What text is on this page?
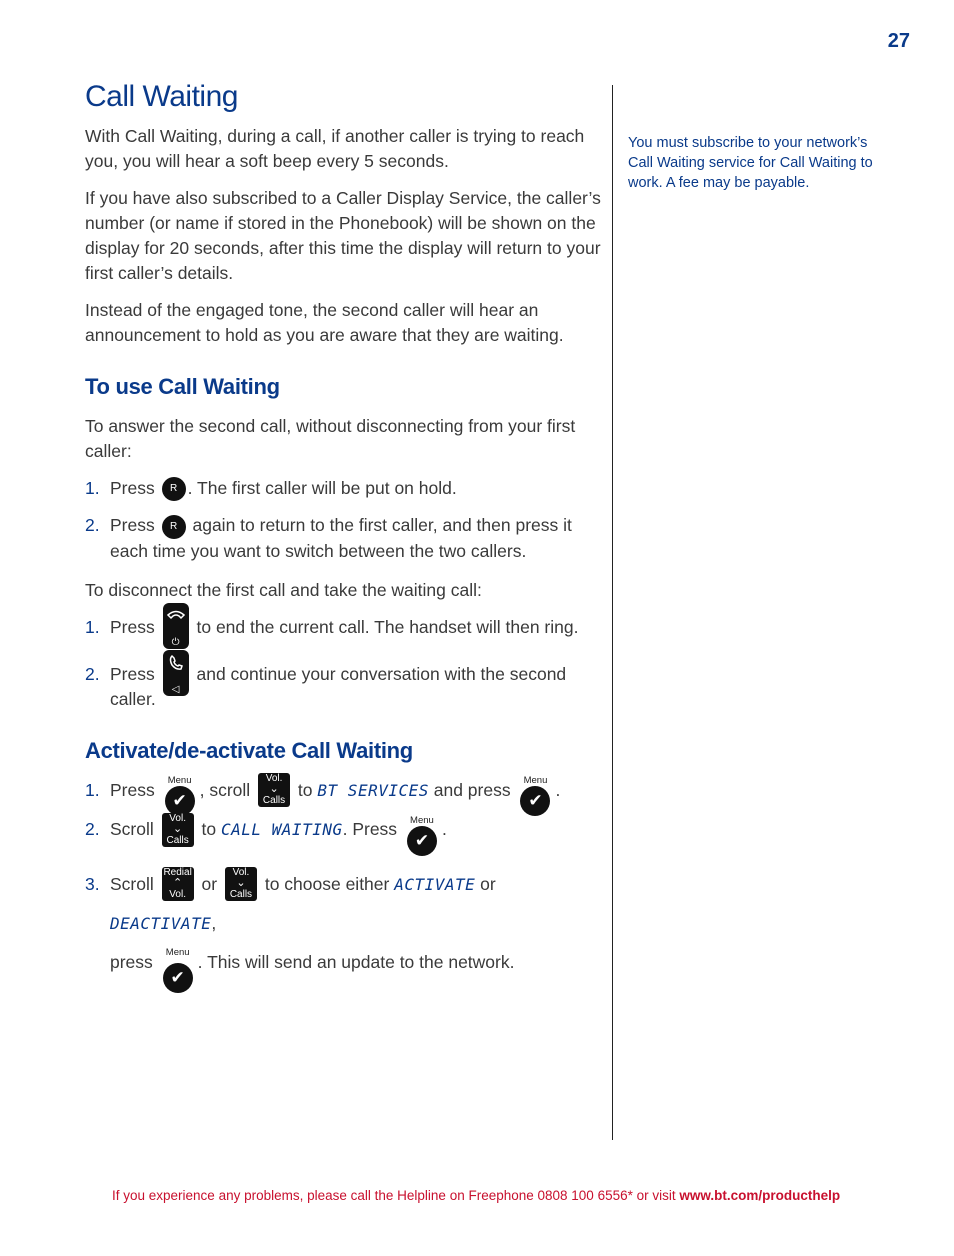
27
Call Waiting

With Call Waiting, during a call, if another caller is trying to reach you, you will hear a soft beep every 5 seconds.

If you have also subscribed to a Caller Display Service, the caller’s number (or name if stored in the Phonebook) will be shown on the display for 20 seconds, after this time the display will return to your first caller’s details.

Instead of the engaged tone, the second caller will hear an announcement to hold as you are aware that they are waiting.

To use Call Waiting

To answer the second call, without disconnecting from your first caller:

1. Press R . The first caller will be put on hold.
2. Press R again to return to the first caller, and then press it each time you want to switch between the two callers.

To disconnect the first call and take the waiting call:

1. Press
⏻
to end the current call. The handset will then ring.
2. Press
◁
and continue your conversation with the second caller.
Activate/de-activate Call Waiting
1. Press	Menu
✔, scroll Vol.
⌄
Calls to BT SERVICES and press	Menu
✔.
2. Scroll Vol.
⌄
Calls to CALL WAITING. Press	Menu
✔.
3. Scroll Redial
⌃
Vol. or Vol.
⌄
Calls to choose either ACTIVATE or DEACTIVATE,
press	Menu
✔. This will send an update to the network.
You must subscribe to your network’s Call Waiting service for Call Waiting to work. A fee may be payable.
If you experience any problems, please call the Helpline on Freephone 0808 100 6556* or visit www.bt.com/producthelp
